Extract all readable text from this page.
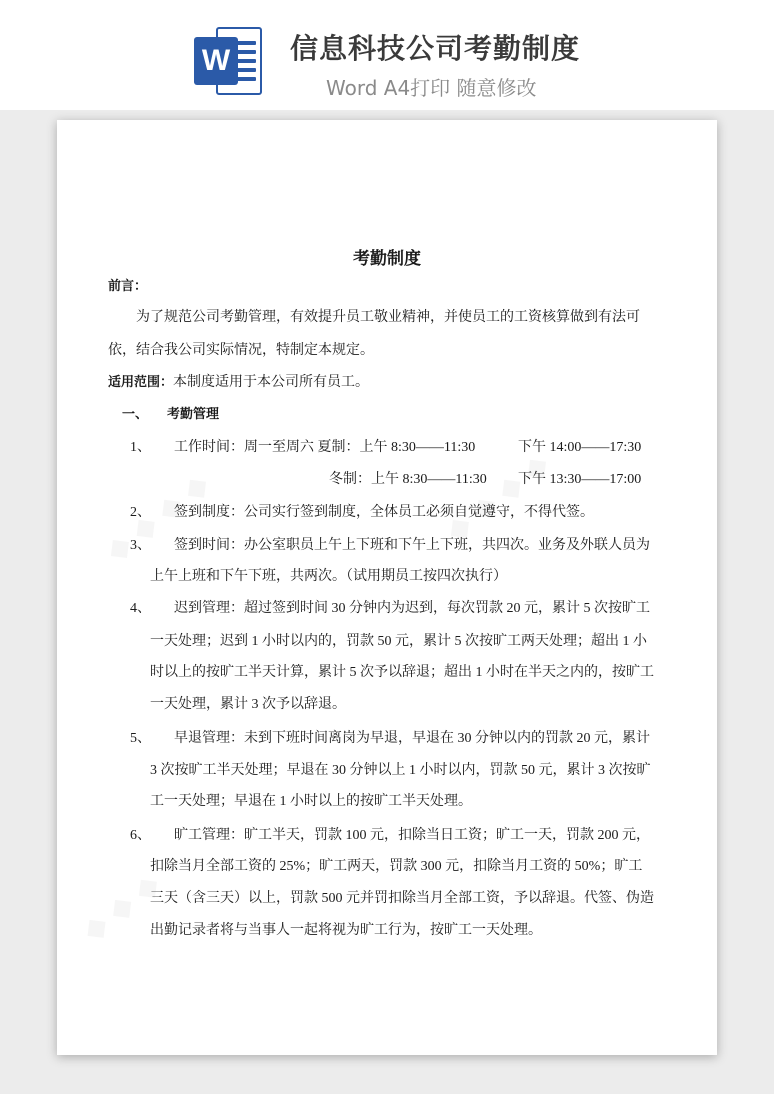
W 信息科技公司考勤制度
Word A4打印 随意修改
考勤制度
前言：
为了规范公司考勤管理，有效提升员工敬业精神，并使员工的工资核算做到有法可
依，结合我公司实际情况，特制定本规定。
适用范围：本制度适用于本公司所有员工。
一、 考勤管理
1、 工作时间：周一至周六 夏制：上午 8:30——11:30	下午 14:00——17:30
冬制：上午 8:30——11:30 下午 13:30——17:00
2、 签到制度：公司实行签到制度，全体员工必须自觉遵守，不得代签。
3、 签到时间：办公室职员上午上下班和下午上下班，共四次。业务及外联人员为
上午上班和下午下班，共两次。（试用期员工按四次执行）
4、 迟到管理：超过签到时间 30 分钟内为迟到，每次罚款 20 元，累计 5 次按旷工
一天处理；迟到 1 小时以内的，罚款 50 元，累计 5 次按旷工两天处理；超出 1 小
时以上的按旷工半天计算，累计 5 次予以辞退；超出 1 小时在半天之内的，按旷工
一天处理，累计 3 次予以辞退。
5、 早退管理：未到下班时间离岗为早退，早退在 30 分钟以内的罚款 20 元，累计
3 次按旷工半天处理；早退在 30 分钟以上 1 小时以内，罚款 50 元，累计 3 次按旷
工一天处理；早退在 1 小时以上的按旷工半天处理。
6、 旷工管理：旷工半天，罚款 100 元，扣除当日工资；旷工一天，罚款 200 元，
扣除当月全部工资的 25%；旷工两天，罚款 300 元，扣除当月工资的 50%；旷工
三天（含三天）以上，罚款 500 元并罚扣除当月全部工资，予以辞退。代签、伪造
出勤记录者将与当事人一起将视为旷工行为，按旷工一天处理。
